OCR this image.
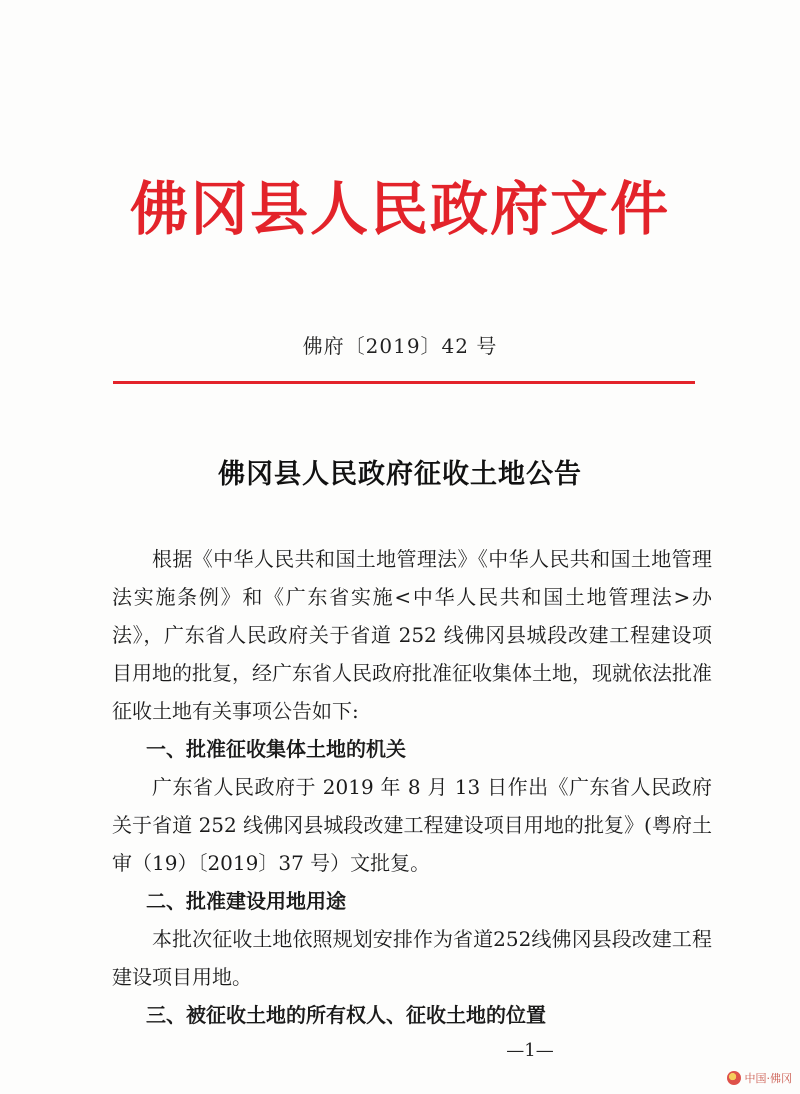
佛冈县人民政府文件
佛府〔2019〕42 号
佛冈县人民政府征收土地公告

根据《中华人民共和国土地管理法》《中华人民共和国土地管理法实施条例》和《广东省实施<中华人民共和国土地管理法>办法》，广东省人民政府关于省道 252 线佛冈县城段改建工程建设项目用地的批复，经广东省人民政府批准征收集体土地，现就依法批准征收土地有关事项公告如下:

一、批准征收集体土地的机关

广东省人民政府于 2019 年 8 月 13 日作出《广东省人民政府关于省道 252 线佛冈县城段改建工程建设项目用地的批复》(粤府土审（19）〔2019〕37 号）文批复。

二、批准建设用地用途

本批次征收土地依照规划安排作为省道252线佛冈县段改建工程建设项目用地。

三、被征收土地的所有权人、征收土地的位置

—1—
中国·佛冈
